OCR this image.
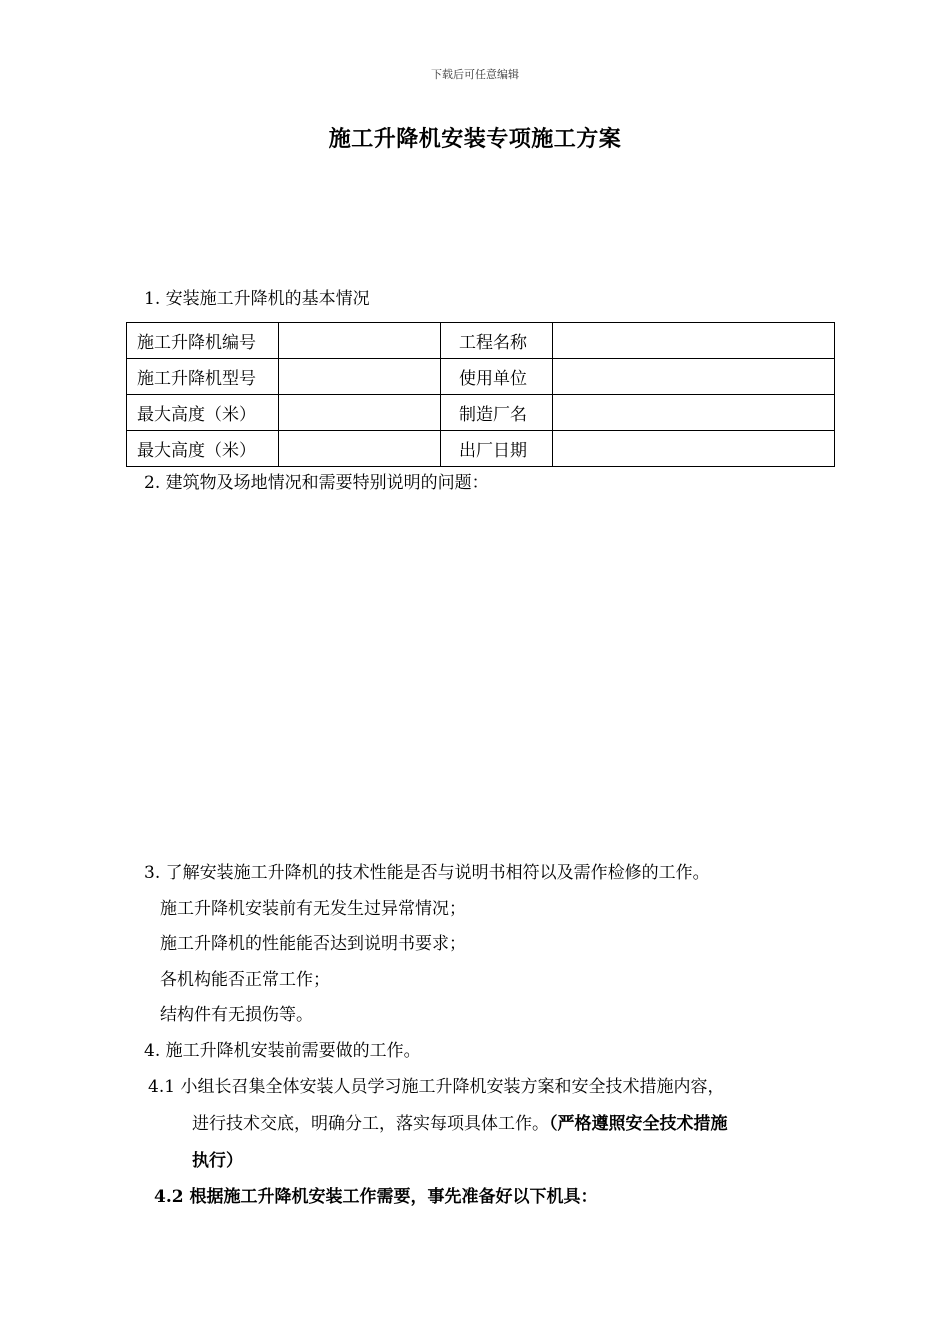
下载后可任意编辑
施工升降机安装专项施工方案
1. 安装施工升降机的基本情况
施工升降机编号		工程名称	
施工升降机型号		使用单位	
最大高度（米）		制造厂名	
最大高度（米）		出厂日期	
2. 建筑物及场地情况和需要特别说明的问题：
3. 了解安装施工升降机的技术性能是否与说明书相符以及需作检修的工作。
施工升降机安装前有无发生过异常情况；
施工升降机的性能能否达到说明书要求；
各机构能否正常工作；
结构件有无损伤等。
4. 施工升降机安装前需要做的工作。
4.1 小组长召集全体安装人员学习施工升降机安装方案和安全技术措施内容，
进行技术交底，明确分工，落实每项具体工作。（严格遵照安全技术措施
执行）
4.2 根据施工升降机安装工作需要，事先准备好以下机具：
